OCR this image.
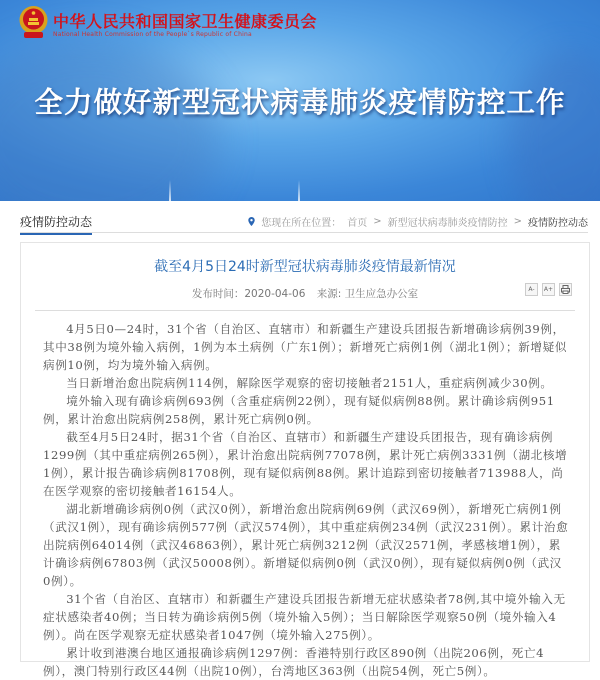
中华人民共和国国家卫生健康委员会
National Health Commission of the People`s Republic of China
全力做好新型冠状病毒肺炎疫情防控工作
疫情防控动态	您现在所在位置： 首页 > 新型冠状病毒肺炎疫情防控 > 疫情防控动态
截至4月5日24时新型冠状病毒肺炎疫情最新情况
发布时间：2020-04-06 来源: 卫生应急办公室	A- A+

4月5日0—24时，31个省（自治区、直辖市）和新疆生产建设兵团报告新增确诊病例39例，其中38例为境外输入病例，1例为本土病例（广东1例）；新增死亡病例1例（湖北1例）；新增疑似病例10例，均为境外输入病例。

当日新增治愈出院病例114例，解除医学观察的密切接触者2151人，重症病例减少30例。

境外输入现有确诊病例693例（含重症病例22例），现有疑似病例88例。累计确诊病例951例，累计治愈出院病例258例，累计死亡病例0例。

截至4月5日24时，据31个省（自治区、直辖市）和新疆生产建设兵团报告，现有确诊病例1299例（其中重症病例265例），累计治愈出院病例77078例，累计死亡病例3331例（湖北核增1例），累计报告确诊病例81708例，现有疑似病例88例。累计追踪到密切接触者713988人，尚在医学观察的密切接触者16154人。

湖北新增确诊病例0例（武汉0例），新增治愈出院病例69例（武汉69例），新增死亡病例1例（武汉1例），现有确诊病例577例（武汉574例），其中重症病例234例（武汉231例）。累计治愈出院病例64014例（武汉46863例），累计死亡病例3212例（武汉2571例，孝感核增1例），累计确诊病例67803例（武汉50008例）。新增疑似病例0例（武汉0例），现有疑似病例0例（武汉0例）。

31个省（自治区、直辖市）和新疆生产建设兵团报告新增无症状感染者78例,其中境外输入无症状感染者40例；当日转为确诊病例5例（境外输入5例）；当日解除医学观察50例（境外输入4例）。尚在医学观察无症状感染者1047例（境外输入275例）。

累计收到港澳台地区通报确诊病例1297例：香港特别行政区890例（出院206例，死亡4例），澳门特别行政区44例（出院10例），台湾地区363例（出院54例，死亡5例）。
